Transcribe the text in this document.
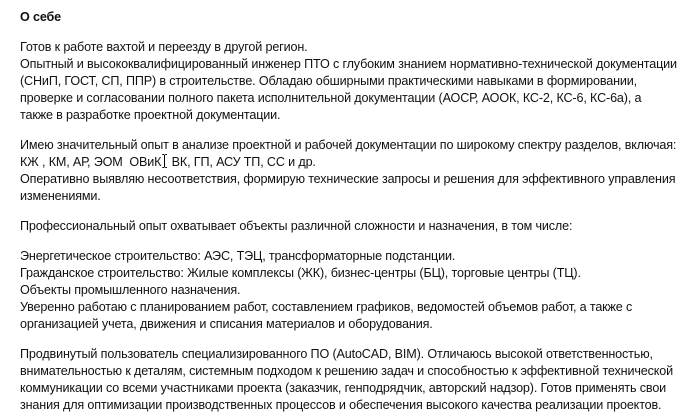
О себе
Готов к работе вахтой и переезду в другой регион.
Опытный и высококвалифицированный инженер ПТО с глубоким знанием нормативно-технической документации
(СНиП, ГОСТ, СП, ППР) в строительстве. Обладаю обширными практическими навыками в формировании,
проверке и согласовании полного пакета исполнительной документации (АОСР, АООК, КС-2, КС-6, КС-6а), а
также в разработке проектной документации.
Имею значительный опыт в анализе проектной и рабочей документации по широкому спектру разделов, включая:
КЖ , КМ, АР, ЭОМ  ОВиК ВК, ГП, АСУ ТП, СС и др.
Оперативно выявляю несоответствия, формирую технические запросы и решения для эффективного управления
изменениями.
Профессиональный опыт охватывает объекты различной сложности и назначения, в том числе:
Энергетическое строительство: АЭС, ТЭЦ, трансформаторные подстанции.
Гражданское строительство: Жилые комплексы (ЖК), бизнес-центры (БЦ), торговые центры (ТЦ).
Объекты промышленного назначения.
Уверенно работаю с планированием работ, составлением графиков, ведомостей объемов работ, а также с
организацией учета, движения и списания материалов и оборудования.
Продвинутый пользователь специализированного ПО (AutoCAD, BIM). Отличаюсь высокой ответственностью,
внимательностью к деталям, системным подходом к решению задач и способностью к эффективной технической
коммуникации со всеми участниками проекта (заказчик, генподрядчик, авторский надзор). Готов применять свои
знания для оптимизации производственных процессов и обеспечения высокого качества реализации проектов.
